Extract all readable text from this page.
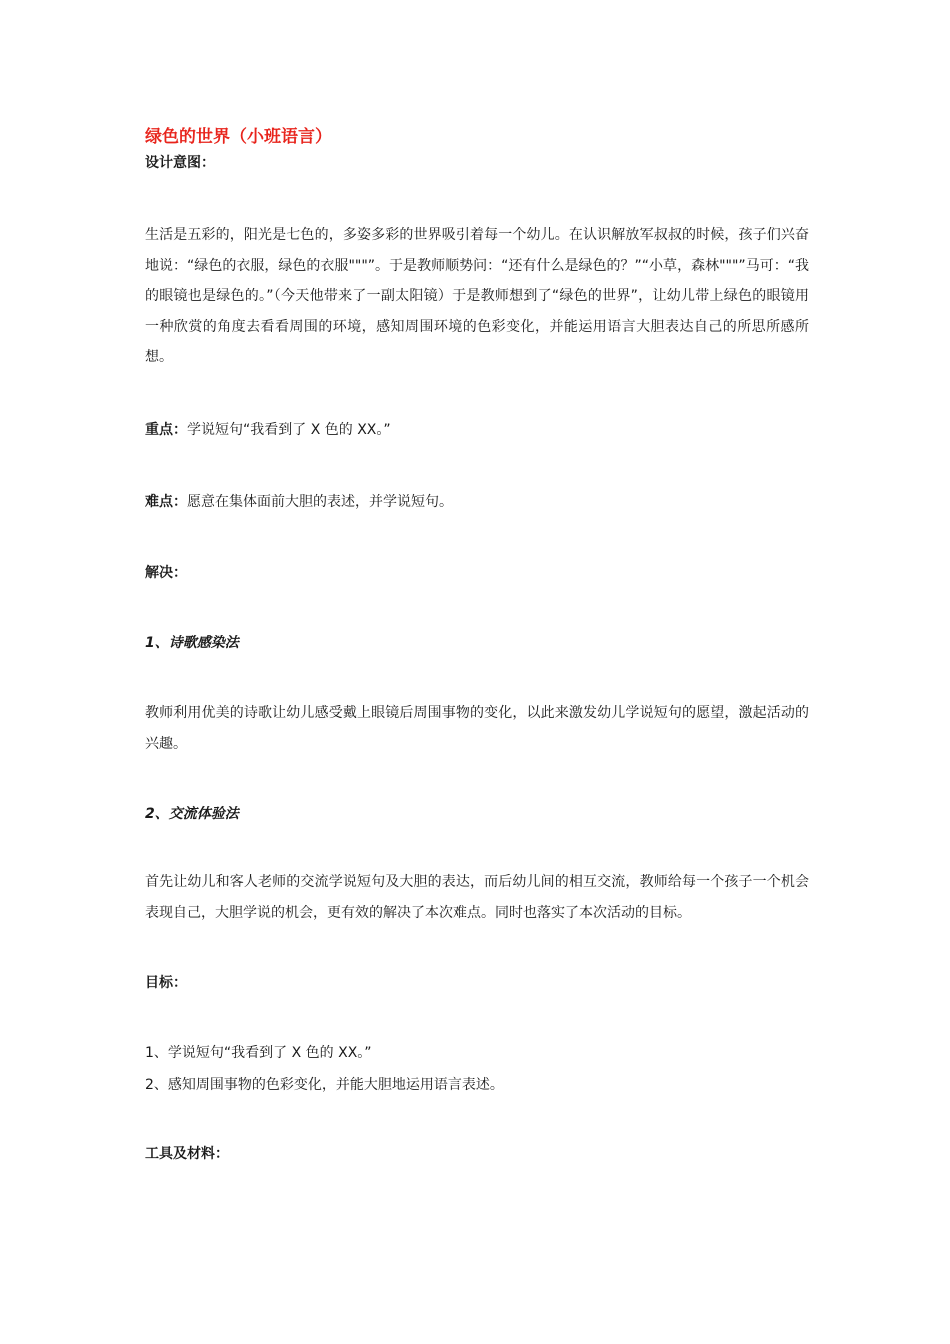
绿色的世界（小班语言）

设计意图：

生活是五彩的，阳光是七色的，多姿多彩的世界吸引着每一个幼儿。在认识解放军叔叔的时候，孩子们兴奋地说：“绿色的衣服，绿色的衣服"""”。于是教师顺势问：“还有什么是绿色的？”“小草，森林"""”马可：“我的眼镜也是绿色的。”（今天他带来了一副太阳镜）于是教师想到了“绿色的世界”，让幼儿带上绿色的眼镜用一种欣赏的角度去看看周围的环境，感知周围环境的色彩变化，并能运用语言大胆表达自己的所思所感所想。

重点：学说短句“我看到了 X 色的 XX。”

难点：愿意在集体面前大胆的表述，并学说短句。

解决：

1、诗歌感染法

教师利用优美的诗歌让幼儿感受戴上眼镜后周围事物的变化，以此来激发幼儿学说短句的愿望，激起活动的兴趣。

2、交流体验法

首先让幼儿和客人老师的交流学说短句及大胆的表达，而后幼儿间的相互交流，教师给每一个孩子一个机会表现自己，大胆学说的机会，更有效的解决了本次难点。同时也落实了本次活动的目标。

目标：

1、学说短句“我看到了 X 色的 XX。”

2、感知周围事物的色彩变化，并能大胆地运用语言表述。

工具及材料：
